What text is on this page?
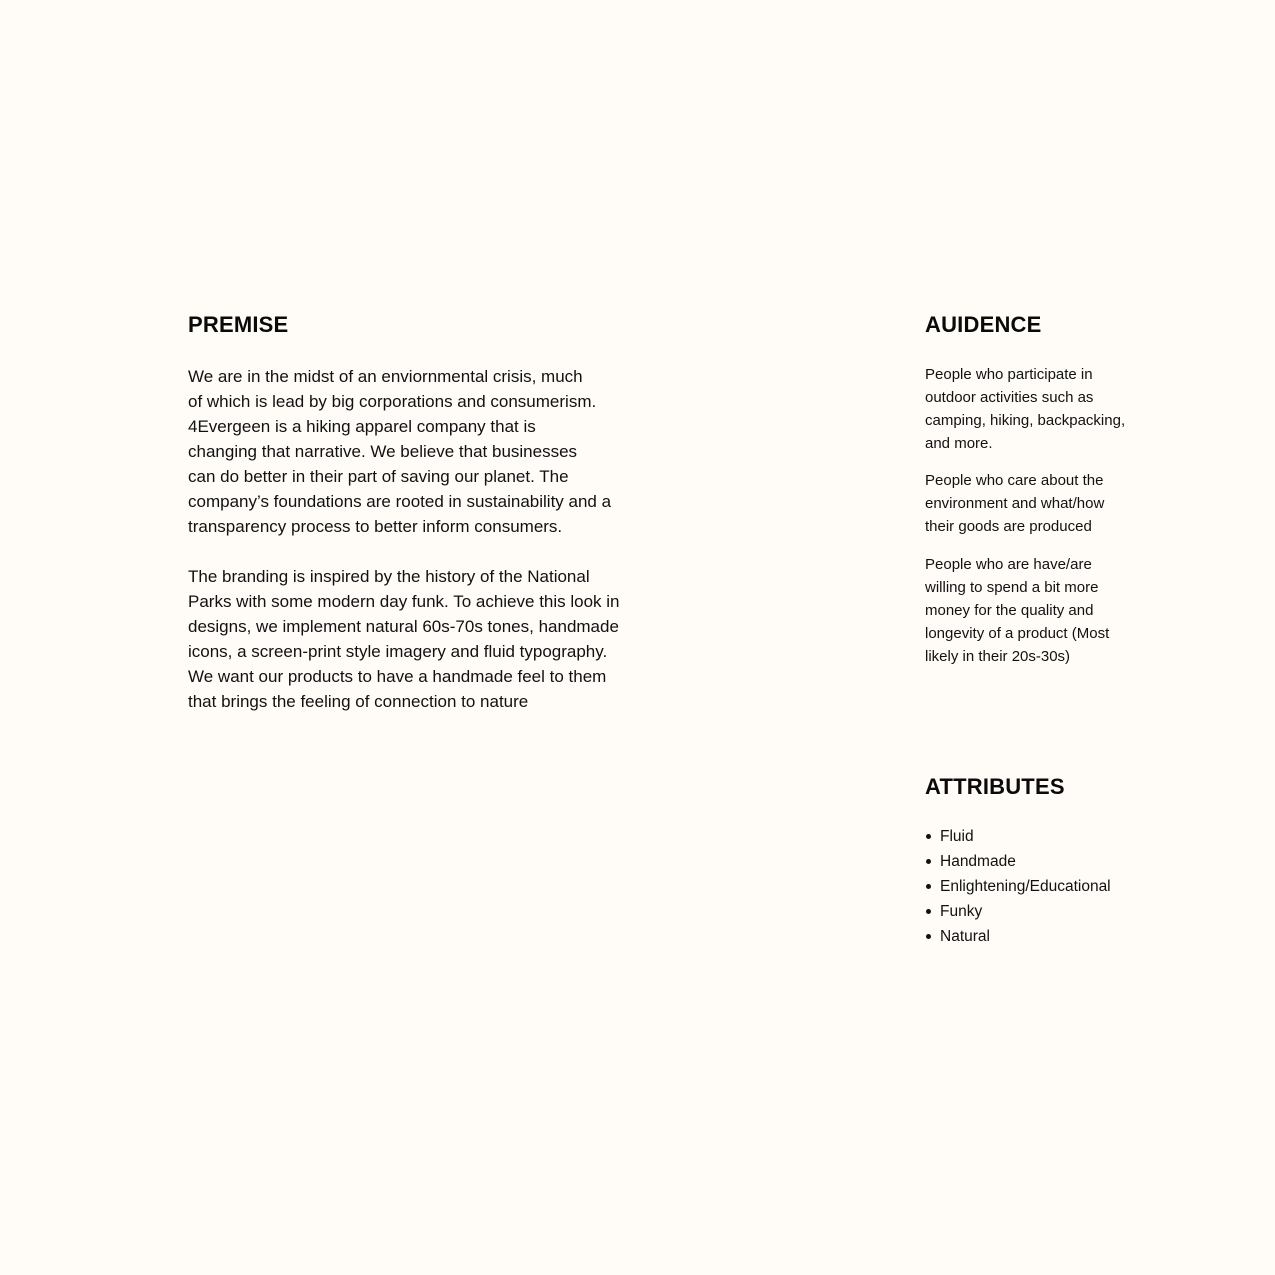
PREMISE

We are in the midst of an enviornmental crisis, much
of which is lead by big corporations and consumerism.
4Evergeen is a hiking apparel company that is
changing that narrative. We believe that businesses
can do better in their part of saving our planet. The
company’s foundations are rooted in sustainability and a
transparency process to better inform consumers.

The branding is inspired by the history of the National
Parks with some modern day funk. To achieve this look in
designs, we implement natural 60s-70s tones, handmade
icons, a screen-print style imagery and fluid typography.
We want our products to have a handmade feel to them
that brings the feeling of connection to nature

AUIDENCE

People who participate in
outdoor activities such as
camping, hiking, backpacking,
and more.

People who care about the
environment and what/how
their goods are produced

People who are have/are
willing to spend a bit more
money for the quality and
longevity of a product (Most
likely in their 20s-30s)

ATTRIBUTES
Fluid
Handmade
Enlightening/Educational
Funky
Natural
